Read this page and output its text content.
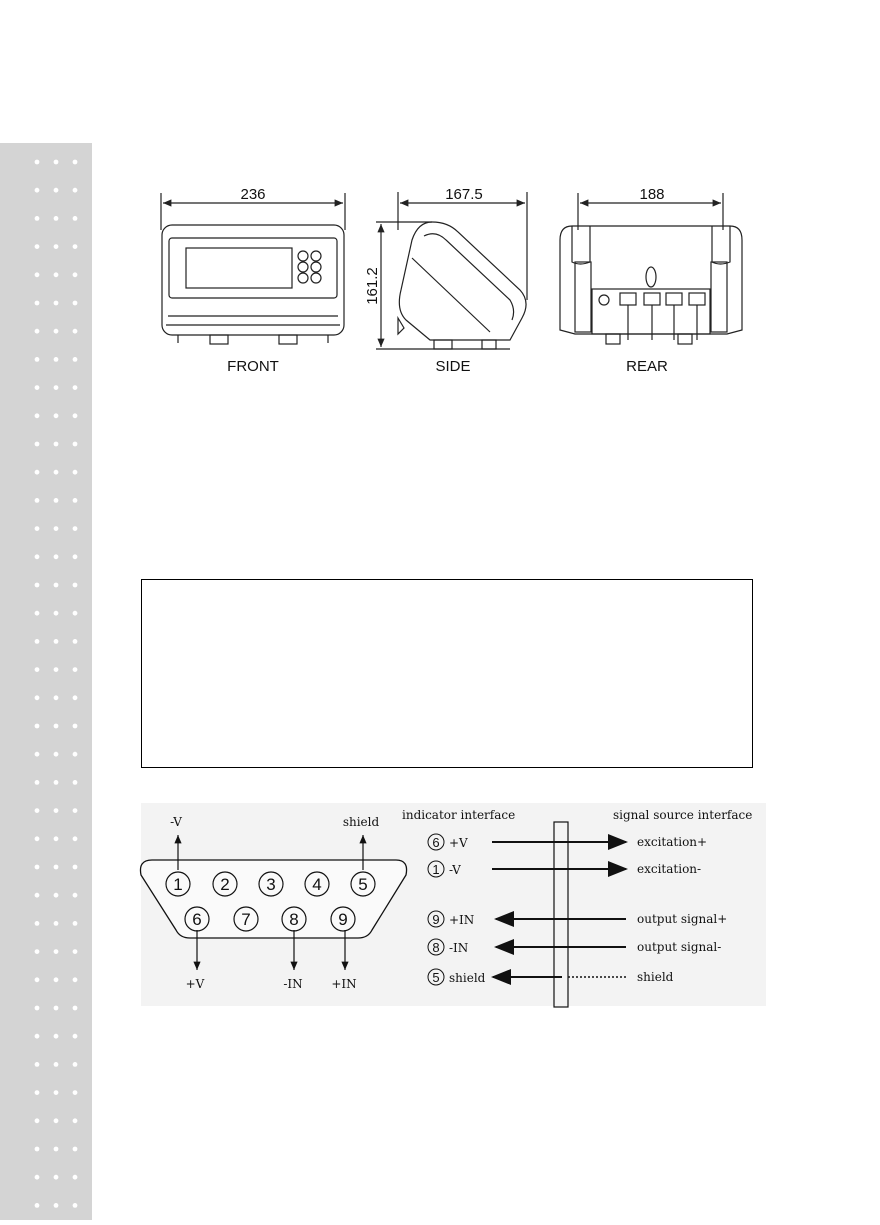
236
FRONT
167.5
161.2
SIDE
188
REAR
1 2 3 4 5
6 7 8 9
-V	shield
+V	-IN +IN
indicator interface	signal source interface
6 +V	excitation+
1 -V	excitation-
9 +IN	output signal+
8 -IN	output signal-
5 shield	shield
